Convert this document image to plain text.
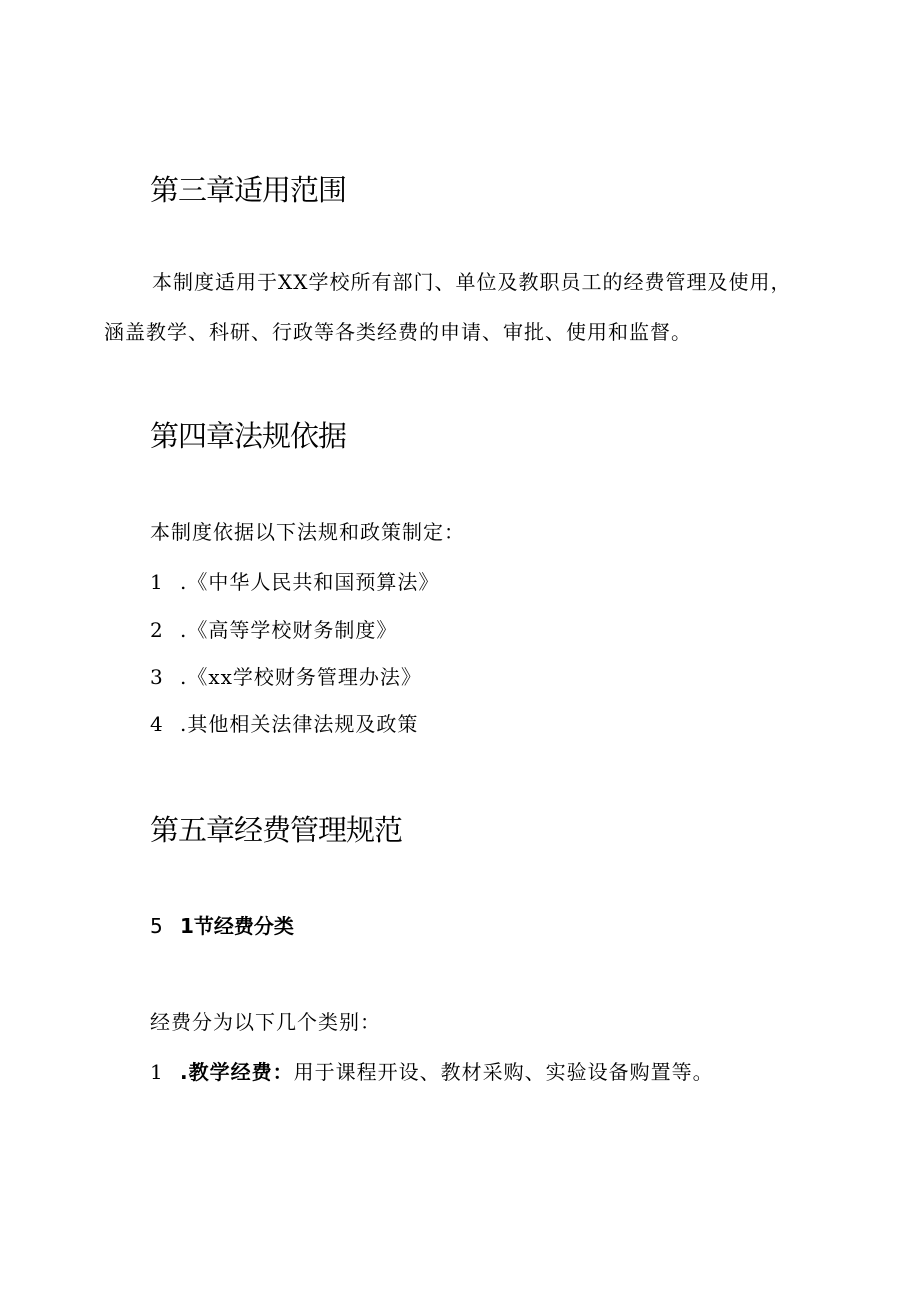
第三章适用范围
本制度适用于XX学校所有部门、单位及教职员工的经费管理及使用，
涵盖教学、科研、行政等各类经费的申请、审批、使用和监督。
第四章法规依据
本制度依据以下法规和政策制定：
1 .《中华人民共和国预算法》
2 .《高等学校财务制度》
3 .《xx学校财务管理办法》
4 .其他相关法律法规及政策
第五章经费管理规范
5 1节经费分类
经费分为以下几个类别：
1 .教学经费：用于课程开设、教材采购、实验设备购置等。
